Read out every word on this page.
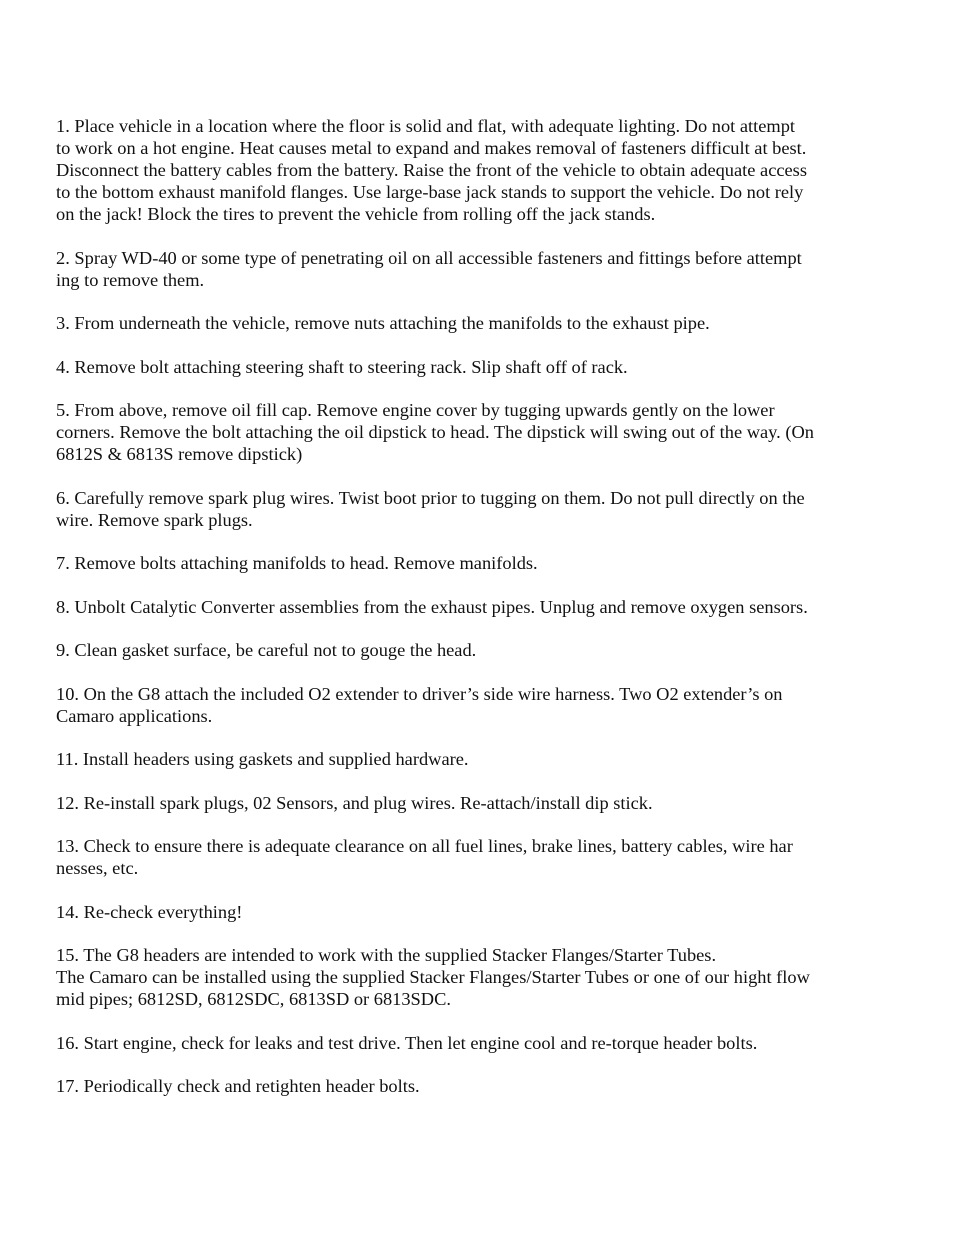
1. Place vehicle in a location where the floor is solid and flat, with adequate lighting. Do not attempt
to work on a hot engine. Heat causes metal to expand and makes removal of fasteners difficult at best.
Disconnect the battery cables from the battery. Raise the front of the vehicle to obtain adequate access
to the bottom exhaust manifold flanges. Use large-base jack stands to support the vehicle. Do not rely
on the jack! Block the tires to prevent the vehicle from rolling off the jack stands.
2. Spray WD-40 or some type of penetrating oil on all accessible fasteners and fittings before attempt
ing to remove them.
3. From underneath the vehicle, remove nuts attaching the manifolds to the exhaust pipe.
4. Remove bolt attaching steering shaft to steering rack. Slip shaft off of rack.
5. From above, remove oil fill cap. Remove engine cover by tugging upwards gently on the lower
corners. Remove the bolt attaching the oil dipstick to head. The dipstick will swing out of the way. (On
6812S & 6813S remove dipstick)
6. Carefully remove spark plug wires. Twist boot prior to tugging on them. Do not pull directly on the
wire. Remove spark plugs.
7. Remove bolts attaching manifolds to head. Remove manifolds.
8. Unbolt Catalytic Converter assemblies from the exhaust pipes. Unplug and remove oxygen sensors.
9. Clean gasket surface, be careful not to gouge the head.
10. On the G8 attach the included O2 extender to driver’s side wire harness. Two O2 extender’s on
Camaro applications.
11. Install headers using gaskets and supplied hardware.
12. Re-install spark plugs, 02 Sensors, and plug wires. Re-attach/install dip stick.
13. Check to ensure there is adequate clearance on all fuel lines, brake lines, battery cables, wire har
nesses, etc.
14. Re-check everything!
15. The G8 headers are intended to work with the supplied Stacker Flanges/Starter Tubes.
The Camaro can be installed using the supplied Stacker Flanges/Starter Tubes or one of our hight flow
mid pipes; 6812SD, 6812SDC, 6813SD or 6813SDC.
16. Start engine, check for leaks and test drive. Then let engine cool and re-torque header bolts.
17. Periodically check and retighten header bolts.
